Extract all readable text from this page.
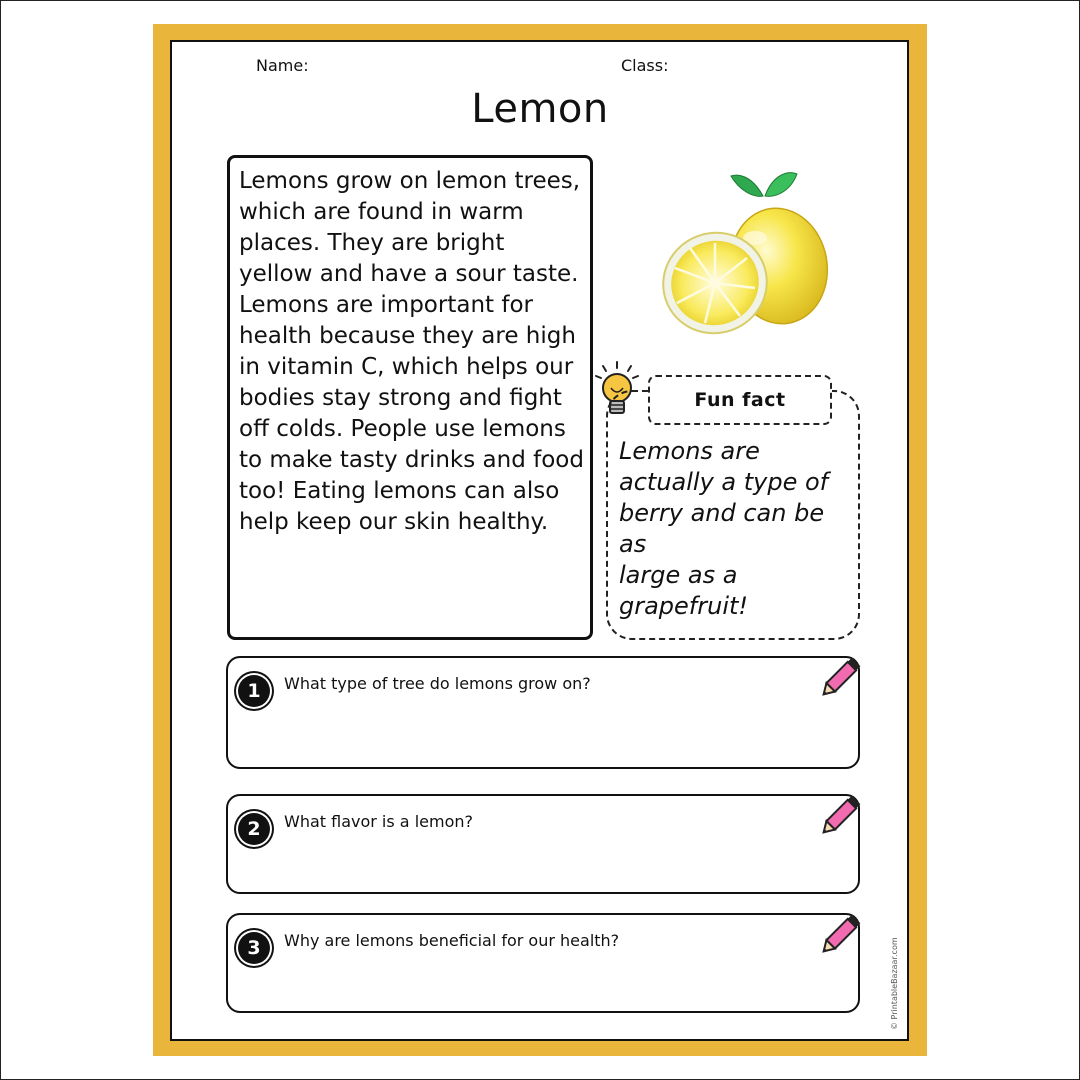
Name:	Class:
Lemon
Lemons grow on lemon trees,
which are found in warm
places. They are bright
yellow and have a sour taste.
Lemons are important for
health because they are high
in vitamin C, which helps our
bodies stay strong and fight
off colds. People use lemons
to make tasty drinks and food
too! Eating lemons can also
help keep our skin healthy.
Fun fact
Lemons are
actually a type of
berry and can be as
large as a
grapefruit!
1	What type of tree do lemons grow on?
2	What flavor is a lemon?
3	Why are lemons beneficial for our health?	© PrintableBazaar.com
